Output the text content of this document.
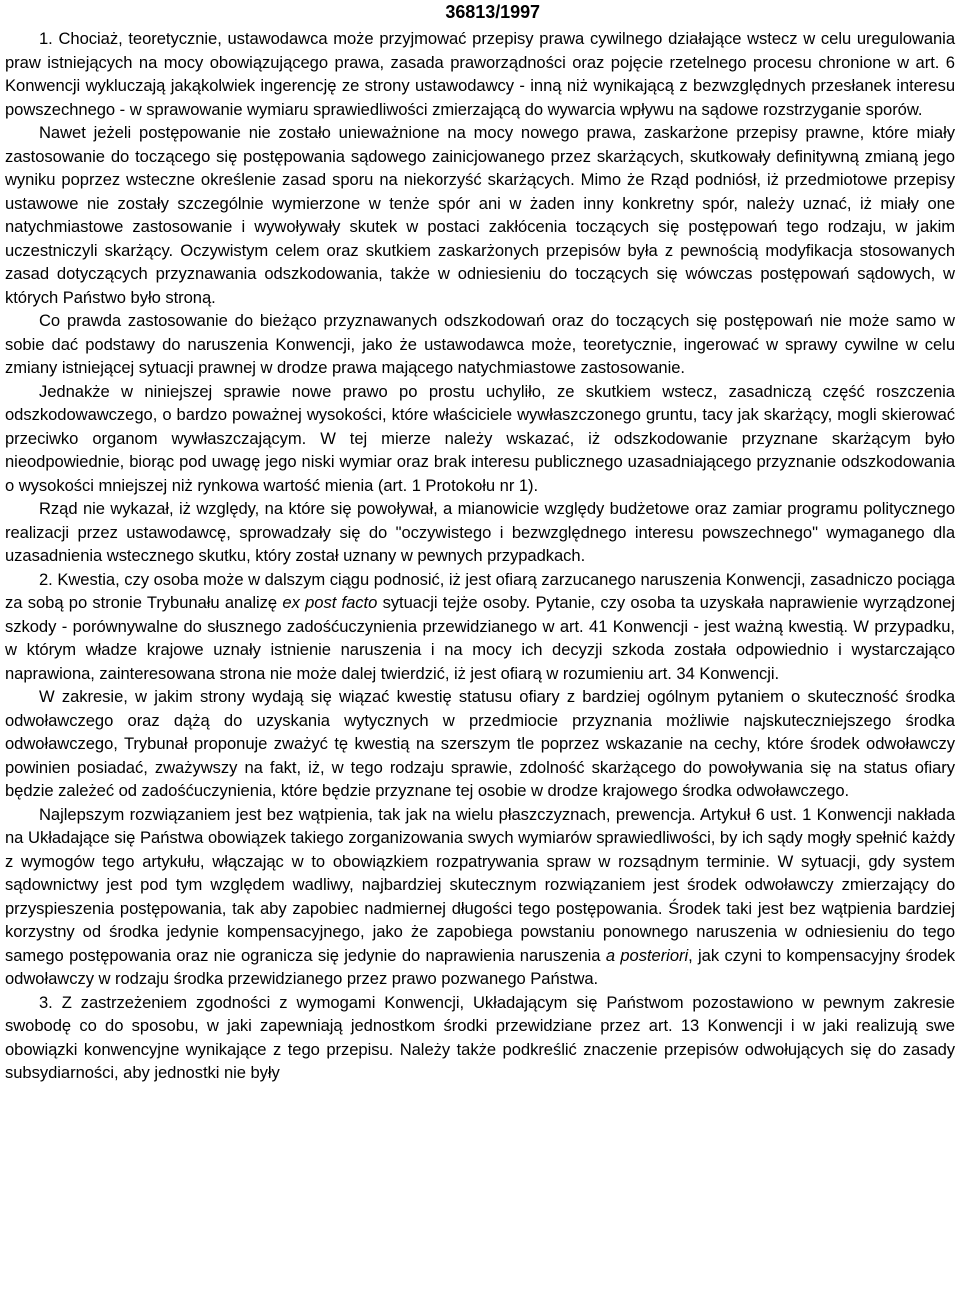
36813/1997

1. Chociaż, teoretycznie, ustawodawca może przyjmować przepisy prawa cywilnego działające wstecz w celu uregulowania praw istniejących na mocy obowiązującego prawa, zasada praworządności oraz pojęcie rzetelnego procesu chronione w art. 6 Konwencji wykluczają jakąkolwiek ingerencję ze strony ustawodawcy - inną niż wynikającą z bezwzględnych przesłanek interesu powszechnego - w sprawowanie wymiaru sprawiedliwości zmierzającą do wywarcia wpływu na sądowe rozstrzyganie sporów.

Nawet jeżeli postępowanie nie zostało unieważnione na mocy nowego prawa, zaskarżone przepisy prawne, które miały zastosowanie do toczącego się postępowania sądowego zainicjowanego przez skarżących, skutkowały definitywną zmianą jego wyniku poprzez wsteczne określenie zasad sporu na niekorzyść skarżących. Mimo że Rząd podniósł, iż przedmiotowe przepisy ustawowe nie zostały szczególnie wymierzone w tenże spór ani w żaden inny konkretny spór, należy uznać, iż miały one natychmiastowe zastosowanie i wywoływały skutek w postaci zakłócenia toczących się postępowań tego rodzaju, w jakim uczestniczyli skarżący. Oczywistym celem oraz skutkiem zaskarżonych przepisów była z pewnością modyfikacja stosowanych zasad dotyczących przyznawania odszkodowania, także w odniesieniu do toczących się wówczas postępowań sądowych, w których Państwo było stroną.

Co prawda zastosowanie do bieżąco przyznawanych odszkodowań oraz do toczących się postępowań nie może samo w sobie dać podstawy do naruszenia Konwencji, jako że ustawodawca może, teoretycznie, ingerować w sprawy cywilne w celu zmiany istniejącej sytuacji prawnej w drodze prawa mającego natychmiastowe zastosowanie.

Jednakże w niniejszej sprawie nowe prawo po prostu uchyliło, ze skutkiem wstecz, zasadniczą część roszczenia odszkodowawczego, o bardzo poważnej wysokości, które właściciele wywłaszczonego gruntu, tacy jak skarżący, mogli skierować przeciwko organom wywłaszczającym. W tej mierze należy wskazać, iż odszkodowanie przyznane skarżącym było nieodpowiednie, biorąc pod uwagę jego niski wymiar oraz brak interesu publicznego uzasadniającego przyznanie odszkodowania o wysokości mniejszej niż rynkowa wartość mienia (art. 1 Protokołu nr 1).

Rząd nie wykazał, iż względy, na które się powoływał, a mianowicie względy budżetowe oraz zamiar programu politycznego realizacji przez ustawodawcę, sprowadzały się do "oczywistego i bezwzględnego interesu powszechnego" wymaganego dla uzasadnienia wstecznego skutku, który został uznany w pewnych przypadkach.

2. Kwestia, czy osoba może w dalszym ciągu podnosić, iż jest ofiarą zarzucanego naruszenia Konwencji, zasadniczo pociąga za sobą po stronie Trybunału analizę ex post facto sytuacji tejże osoby. Pytanie, czy osoba ta uzyskała naprawienie wyrządzonej szkody - porównywalne do słusznego zadośćuczynienia przewidzianego w art. 41 Konwencji - jest ważną kwestią. W przypadku, w którym władze krajowe uznały istnienie naruszenia i na mocy ich decyzji szkoda została odpowiednio i wystarczająco naprawiona, zainteresowana strona nie może dalej twierdzić, iż jest ofiarą w rozumieniu art. 34 Konwencji.

W zakresie, w jakim strony wydają się wiązać kwestię statusu ofiary z bardziej ogólnym pytaniem o skuteczność środka odwoławczego oraz dążą do uzyskania wytycznych w przedmiocie przyznania możliwie najskuteczniejszego środka odwoławczego, Trybunał proponuje zważyć tę kwestią na szerszym tle poprzez wskazanie na cechy, które środek odwoławczy powinien posiadać, zważywszy na fakt, iż, w tego rodzaju sprawie, zdolność skarżącego do powoływania się na status ofiary będzie zależeć od zadośćuczynienia, które będzie przyznane tej osobie w drodze krajowego środka odwoławczego.

Najlepszym rozwiązaniem jest bez wątpienia, tak jak na wielu płaszczyznach, prewencja. Artykuł 6 ust. 1 Konwencji nakłada na Układające się Państwa obowiązek takiego zorganizowania swych wymiarów sprawiedliwości, by ich sądy mogły spełnić każdy z wymogów tego artykułu, włączając w to obowiązkiem rozpatrywania spraw w rozsądnym terminie. W sytuacji, gdy system sądownictwy jest pod tym względem wadliwy, najbardziej skutecznym rozwiązaniem jest środek odwoławczy zmierzający do przyspieszenia postępowania, tak aby zapobiec nadmiernej długości tego postępowania. Środek taki jest bez wątpienia bardziej korzystny od środka jedynie kompensacyjnego, jako że zapobiega powstaniu ponownego naruszenia w odniesieniu do tego samego postępowania oraz nie ogranicza się jedynie do naprawienia naruszenia a posteriori, jak czyni to kompensacyjny środek odwoławczy w rodzaju środka przewidzianego przez prawo pozwanego Państwa.

3. Z zastrzeżeniem zgodności z wymogami Konwencji, Układającym się Państwom pozostawiono w pewnym zakresie swobodę co do sposobu, w jaki zapewniają jednostkom środki przewidziane przez art. 13 Konwencji i w jaki realizują swe obowiązki konwencyjne wynikające z tego przepisu. Należy także podkreślić znaczenie przepisów odwołujących się do zasady subsydiarności, aby jednostki nie były
